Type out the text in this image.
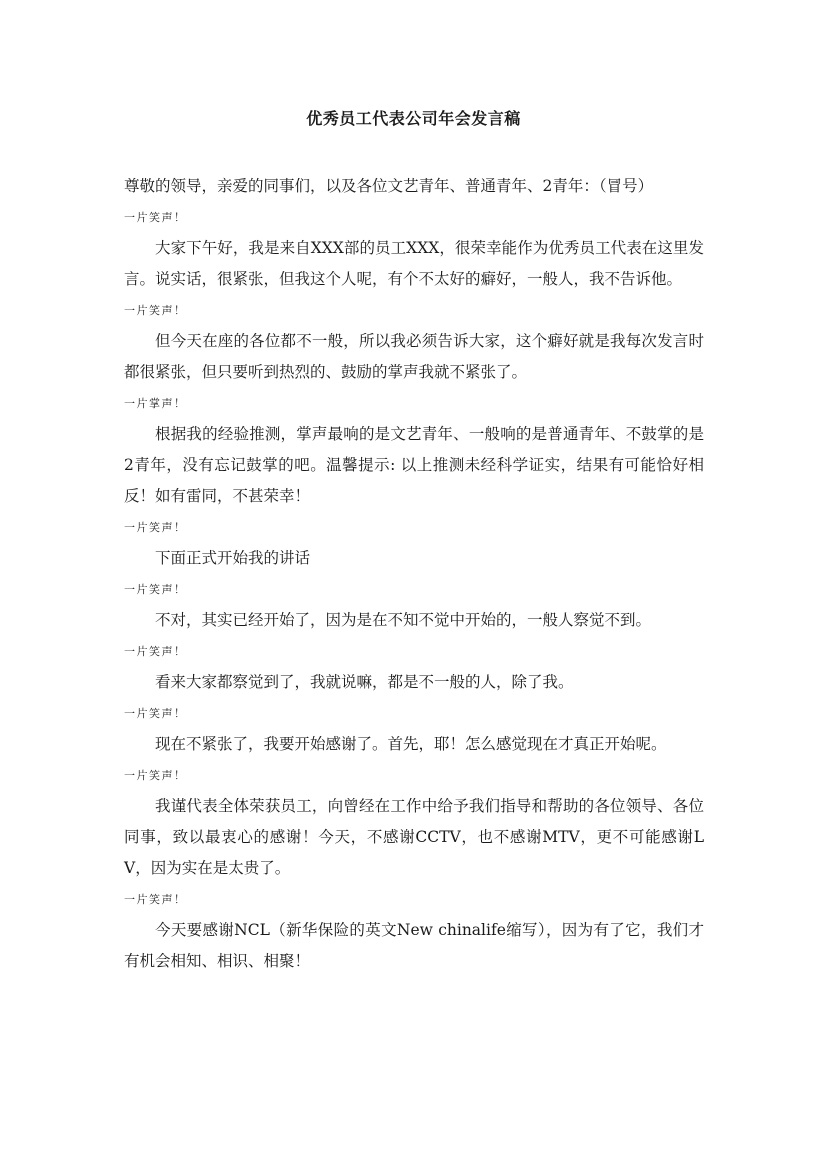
优秀员工代表公司年会发言稿

尊敬的领导，亲爱的同事们，以及各位文艺青年、普通青年、2青年：（冒号）

一片笑声！

大家下午好，我是来自XXX部的员工XXX，很荣幸能作为优秀员工代表在这里发言。说实话，很紧张，但我这个人呢，有个不太好的癖好，一般人，我不告诉他。

一片笑声！

但今天在座的各位都不一般，所以我必须告诉大家，这个癖好就是我每次发言时都很紧张，但只要听到热烈的、鼓励的掌声我就不紧张了。

一片掌声！

根据我的经验推测，掌声最响的是文艺青年、一般响的是普通青年、不鼓掌的是2青年，没有忘记鼓掌的吧。温馨提示: 以上推测未经科学证实，结果有可能恰好相反！如有雷同，不甚荣幸！

一片笑声！

下面正式开始我的讲话

一片笑声！

不对，其实已经开始了，因为是在不知不觉中开始的，一般人察觉不到。

一片笑声！

看来大家都察觉到了，我就说嘛，都是不一般的人，除了我。

一片笑声！

现在不紧张了，我要开始感谢了。首先，耶！怎么感觉现在才真正开始呢。

一片笑声！

我谨代表全体荣获员工，向曾经在工作中给予我们指导和帮助的各位领导、各位同事，致以最衷心的感谢！今天，不感谢CCTV，也不感谢MTV，更不可能感谢LV，因为实在是太贵了。

一片笑声！

今天要感谢NCL（新华保险的英文New chinalife缩写），因为有了它，我们才有机会相知、相识、相聚！
